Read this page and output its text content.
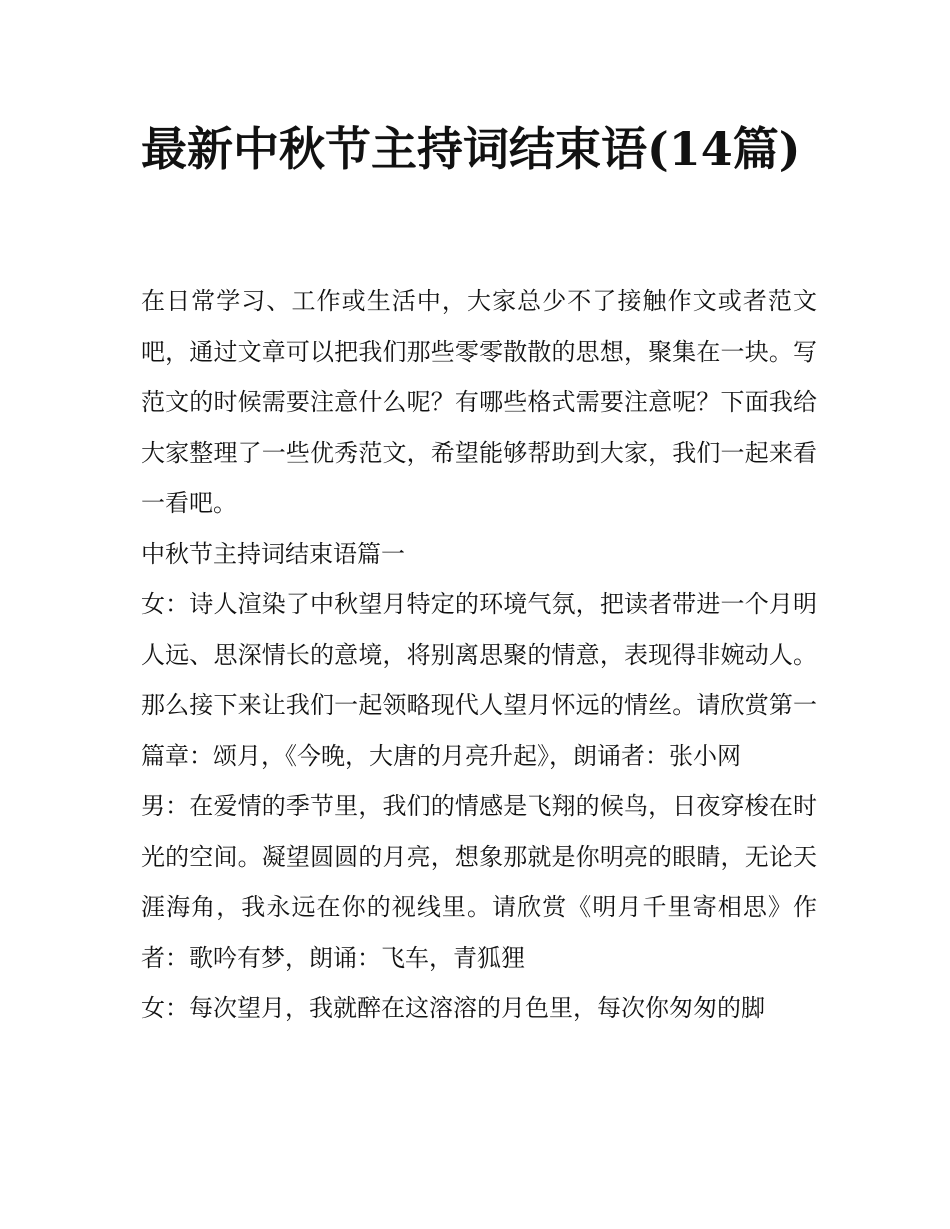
最新中秋节主持词结束语(14篇)

在日常学习、工作或生活中，大家总少不了接触作文或者范文吧，通过文章可以把我们那些零零散散的思想，聚集在一块。写范文的时候需要注意什么呢？有哪些格式需要注意呢？下面我给大家整理了一些优秀范文，希望能够帮助到大家，我们一起来看一看吧。

中秋节主持词结束语篇一

女：诗人渲染了中秋望月特定的环境气氛，把读者带进一个月明人远、思深情长的意境，将别离思聚的情意，表现得非婉动人。那么接下来让我们一起领略现代人望月怀远的情丝。请欣赏第一篇章：颂月，《今晚，大唐的月亮升起》，朗诵者：张小网

男：在爱情的季节里，我们的情感是飞翔的候鸟，日夜穿梭在时光的空间。凝望圆圆的月亮，想象那就是你明亮的眼睛，无论天涯海角，我永远在你的视线里。请欣赏《明月千里寄相思》作者：歌吟有梦，朗诵：飞车，青狐狸

女：每次望月，我就醉在这溶溶的月色里，每次你匆匆的脚
